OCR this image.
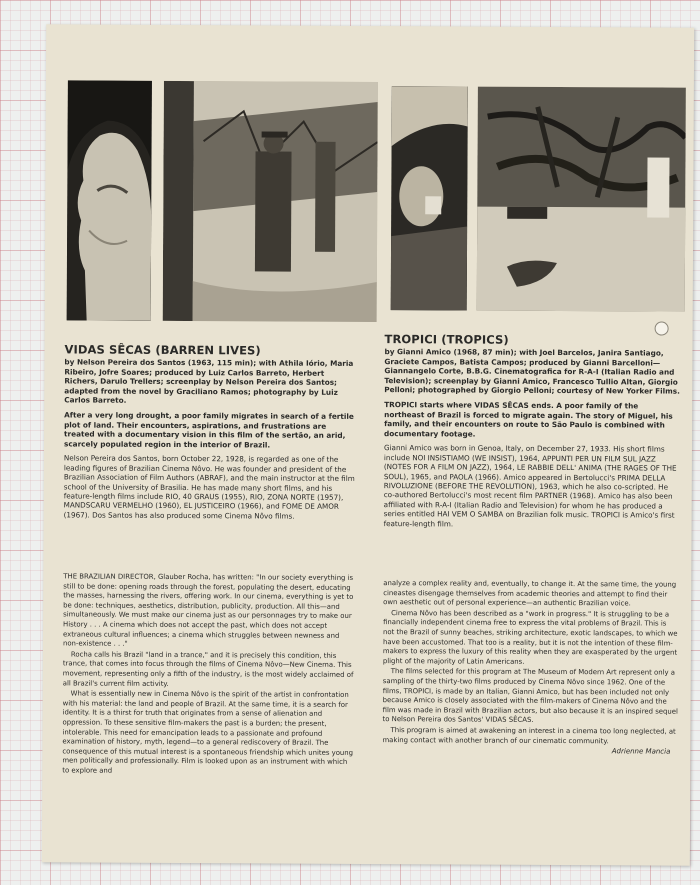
VIDAS SÊCAS (BARREN LIVES)
by Nelson Pereira dos Santos (1963, 115 min); with Athila Iório, Maria Ribeiro, Jofre Soares; produced by Luiz Carlos Barreto, Herbert Richers, Darulo Trellers; screenplay by Nelson Pereira dos Santos; adapted from the novel by Graciliano Ramos; photography by Luiz Carlos Barreto.
After a very long drought, a poor family migrates in search of a fertile plot of land. Their encounters, aspirations, and frustrations are treated with a documentary vision in this film of the sertão, an arid, scarcely populated region in the interior of Brazil.
Nelson Pereira dos Santos, born October 22, 1928, is regarded as one of the leading figures of Brazilian Cinema Nôvo. He was founder and president of the Brazilian Association of Film Authors (ABRAF), and the main instructor at the film school of the University of Brasilia. He has made many short films, and his feature-length films include RIO, 40 GRAUS (1955), RIO, ZONA NORTE (1957), MANDSCARU VERMELHO (1960), EL JUSTICEIRO (1966), and FOME DE AMOR (1967). Dos Santos has also produced some Cinema Nôvo films.
TROPICI (TROPICS)
by Gianni Amico (1968, 87 min); with Joel Barcelos, Janira Santiago, Graciete Campos, Batista Campos; produced by Gianni Barcelloni—Giannangelo Corte, B.B.G. Cinematografica for R-A-I (Italian Radio and Television); screenplay by Gianni Amico, Francesco Tullio Altan, Giorgio Pelloni; photographed by Giorgio Pelloni; courtesy of New Yorker Films.
TROPICI starts where VIDAS SÊCAS ends. A poor family of the northeast of Brazil is forced to migrate again. The story of Miguel, his family, and their encounters on route to São Paulo is combined with documentary footage.
Gianni Amico was born in Genoa, Italy, on December 27, 1933. His short films include NOI INSISTIAMO (WE INSIST), 1964, APPUNTI PER UN FILM SUL JAZZ (NOTES FOR A FILM ON JAZZ), 1964, LE RABBIE DELL' ANIMA (THE RAGES OF THE SOUL), 1965, and PAOLA (1966). Amico appeared in Bertolucci's PRIMA DELLA RIVOLUZIONE (BEFORE THE REVOLUTION), 1963, which he also co-scripted. He co-authored Bertolucci's most recent film PARTNER (1968). Amico has also been affiliated with R-A-I (Italian Radio and Television) for whom he has produced a series entitled HAI VEM O SAMBA on Brazilian folk music. TROPICI is Amico's first feature-length film.
THE BRAZILIAN DIRECTOR, Glauber Rocha, has written: "In our society everything is still to be done: opening roads through the forest, populating the desert, educating the masses, harnessing the rivers, offering work. In our cinema, everything is yet to be done: techniques, aesthetics, distribution, publicity, production. All this—and simultaneously. We must make our cinema just as our personnages try to make our History . . . A cinema which does not accept the past, which does not accept extraneous cultural influences; a cinema which struggles between newness and non-existence . . ."
Rocha calls his Brazil "land in a trance," and it is precisely this condition, this trance, that comes into focus through the films of Cinema Nôvo—New Cinema. This movement, representing only a fifth of the industry, is the most widely acclaimed of all Brazil's current film activity.
What is essentially new in Cinema Nôvo is the spirit of the artist in confrontation with his material: the land and people of Brazil. At the same time, it is a search for identity. It is a thirst for truth that originates from a sense of alienation and oppression. To these sensitive film-makers the past is a burden; the present, intolerable. This need for emancipation leads to a passionate and profound examination of history, myth, legend—to a general rediscovery of Brazil. The consequence of this mutual interest is a spontaneous friendship which unites young men politically and professionally. Film is looked upon as an instrument with which to explore and
analyze a complex reality and, eventually, to change it. At the same time, the young cineastes disengage themselves from academic theories and attempt to find their own aesthetic out of personal experience—an authentic Brazilian voice.
Cinema Nôvo has been described as a "work in progress." It is struggling to be a financially independent cinema free to express the vital problems of Brazil. This is not the Brazil of sunny beaches, striking architecture, exotic landscapes, to which we have been accustomed. That too is a reality, but it is not the intention of these film-makers to express the luxury of this reality when they are exasperated by the urgent plight of the majority of Latin Americans.
The films selected for this program at The Museum of Modern Art represent only a sampling of the thirty-two films produced by Cinema Nôvo since 1962. One of the films, TROPICI, is made by an Italian, Gianni Amico, but has been included not only because Amico is closely associated with the film-makers of Cinema Nôvo and the film was made in Brazil with Brazilian actors, but also because it is an inspired sequel to Nelson Pereira dos Santos' VIDAS SÊCAS.
This program is aimed at awakening an interest in a cinema too long neglected, at making contact with another branch of our cinematic community.
Adrienne Mancia
